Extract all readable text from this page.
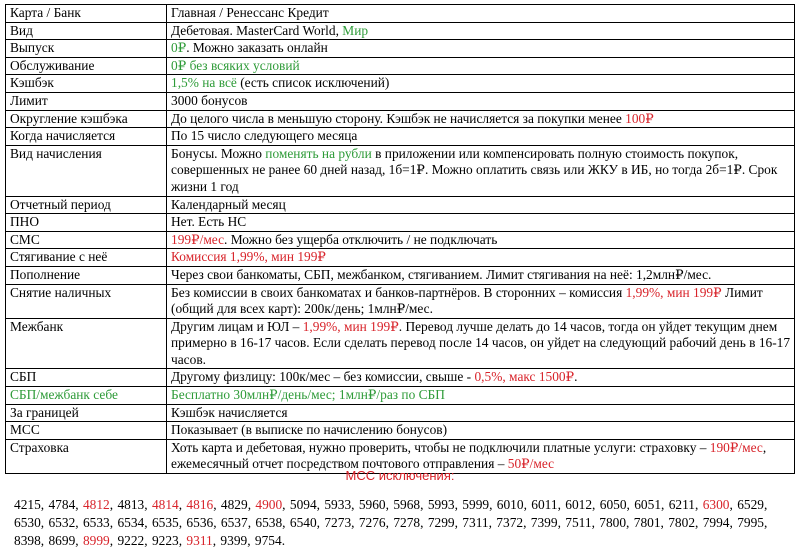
Карта / Банк	Главная / Ренессанс Кредит
Вид	Дебетовая. MasterCard World, Мир
Выпуск	0₽. Можно заказать онлайн
Обслуживание	0₽ без всяких условий
Кэшбэк	1,5% на всё (есть список исключений)
Лимит	3000 бонусов
Округление кэшбэка	До целого числа в меньшую сторону. Кэшбэк не начисляется за покупки менее 100₽
Когда начисляется	По 15 число следующего месяца
Вид начисления	Бонусы. Можно поменять на рубли в приложении или компенсировать полную стоимость покупок, совершенных не ранее 60 дней назад, 1б=1₽. Можно оплатить связь или ЖКУ в ИБ, но тогда 2б=1₽. Срок жизни 1 год
Отчетный период	Календарный месяц
ПНО	Нет. Есть НС
СМС	199₽/мес. Можно без ущерба отключить / не подключать
Стягивание с неё	Комиссия 1,99%, мин 199₽
Пополнение	Через свои банкоматы, СБП, межбанком, стягиванием. Лимит стягивания на неё: 1,2млн₽/мес.
Снятие наличных	Без комиссии в своих банкоматах и банков-партнёров. В сторонних – комиссия 1,99%, мин 199₽ Лимит (общий для всех карт): 200к/день; 1млн₽/мес.
Межбанк	Другим лицам и ЮЛ – 1,99%, мин 199₽. Перевод лучше делать до 14 часов, тогда он уйдет текущим днем примерно в 16-17 часов. Если сделать перевод после 14 часов, он уйдет на следующий рабочий день в 16-17 часов.
СБП	Другому физлицу: 100к/мес – без комиссии, свыше - 0,5%, макс 1500₽.
СБП/межбанк себе	Бесплатно 30млн₽/день/мес; 1млн₽/раз по СБП
За границей	Кэшбэк начисляется
MCC	Показывает (в выписке по начислению бонусов)
Страховка	Хоть карта и дебетовая, нужно проверить, чтобы не подключили платные услуги: страховку – 190₽/мес, ежемесячный отчет посредством почтового отправления – 50₽/мес
МСС исключения:
4215, 4784, 4812, 4813, 4814, 4816, 4829, 4900, 5094, 5933, 5960, 5968, 5993, 5999, 6010, 6011, 6012, 6050, 6051, 6211, 6300, 6529, 6530, 6532, 6533, 6534, 6535, 6536, 6537, 6538, 6540, 7273, 7276, 7278, 7299, 7311, 7372, 7399, 7511, 7800, 7801, 7802, 7994, 7995, 8398, 8699, 8999, 9222, 9223, 9311, 9399, 9754.
